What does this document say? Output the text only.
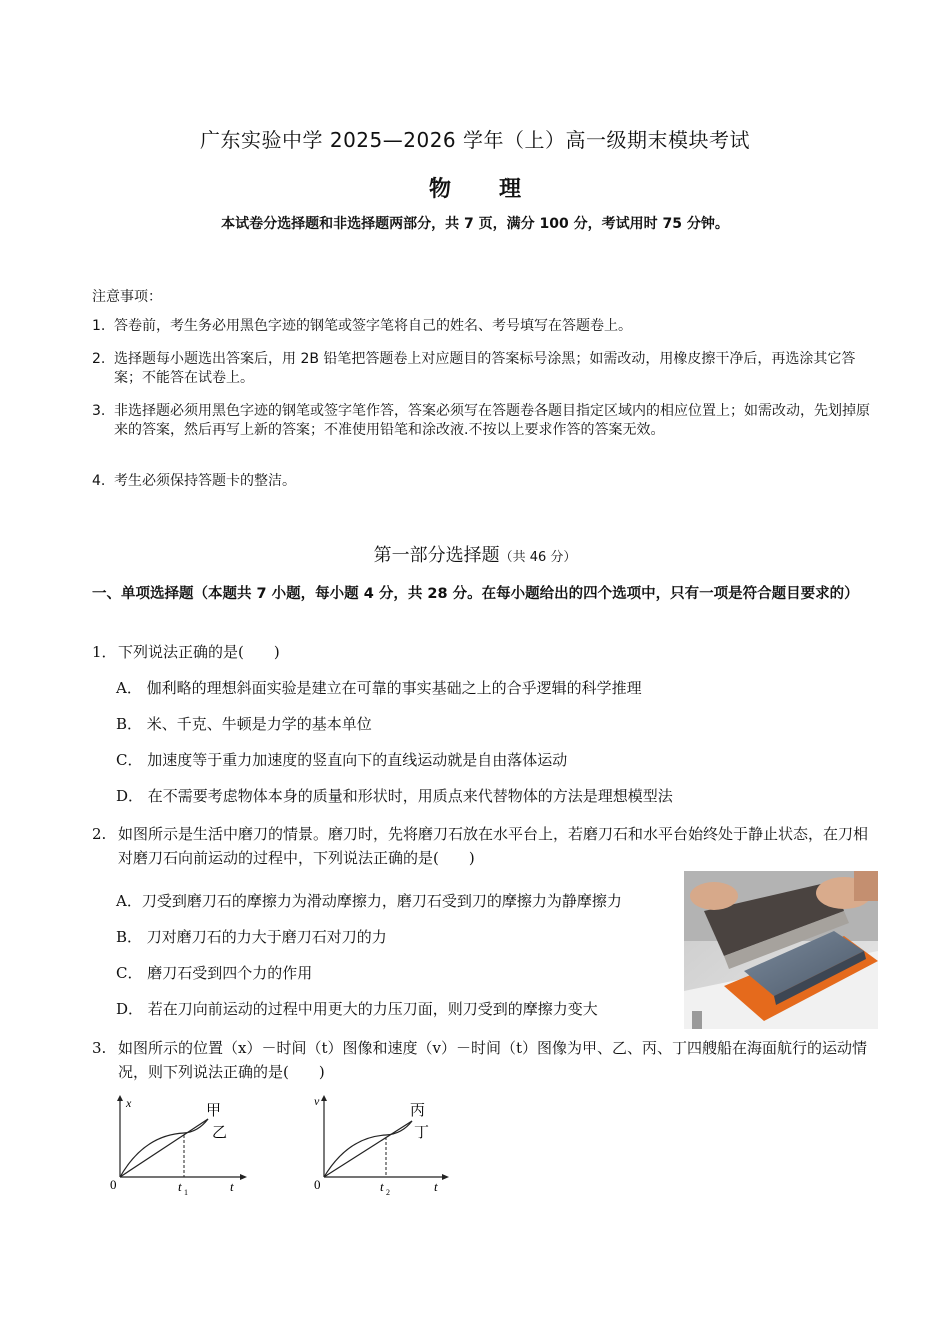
广东实验中学 2025—2026 学年（上）高一级期末模块考试
物 理
本试卷分选择题和非选择题两部分，共 7 页，满分 100 分，考试用时 75 分钟。
注意事项：
1. 答卷前，考生务必用黑色字迹的钢笔或签字笔将自己的姓名、考号填写在答题卷上。
2. 选择题每小题选出答案后，用 2B 铅笔把答题卷上对应题目的答案标号涂黑；如需改动，用橡皮擦干净后，再选涂其它答案；不能答在试卷上。
3. 非选择题必须用黑色字迹的钢笔或签字笔作答，答案必须写在答题卷各题目指定区域内的相应位置上；如需改动，先划掉原来的答案，然后再写上新的答案；不准使用铅笔和涂改液.不按以上要求作答的答案无效。
4. 考生必须保持答题卡的整洁。
第一部分选择题（共 46 分）
一、单项选择题（本题共 7 小题，每小题 4 分，共 28 分。在每小题给出的四个选项中，只有一项是符合题目要求的）
1． 下列说法正确的是(　　)
A． 伽利略的理想斜面实验是建立在可靠的事实基础之上的合乎逻辑的科学推理
B． 米、千克、牛顿是力学的基本单位
C． 加速度等于重力加速度的竖直向下的直线运动就是自由落体运动
D． 在不需要考虑物体本身的质量和形状时，用质点来代替物体的方法是理想模型法
2. 如图所示是生活中磨刀的情景。磨刀时，先将磨刀石放在水平台上，若磨刀石和水平台始终处于静止状态，在刀相对磨刀石向前运动的过程中，下列说法正确的是(　　)
A．刀受到磨刀石的摩擦力为滑动摩擦力，磨刀石受到刀的摩擦力为静摩擦力
B． 刀对磨刀石的力大于磨刀石对刀的力
C． 磨刀石受到四个力的作用
D． 若在刀向前运动的过程中用更大的力压刀面，则刀受到的摩擦力变大
3. 如图所示的位置（x）－时间（t）图像和速度（v）－时间（t）图像为甲、乙、丙、丁四艘船在海面航行的运动情况，则下列说法正确的是(　　)
x
0	t
t 1
甲
乙
v
0	t
t 2
丙
丁
